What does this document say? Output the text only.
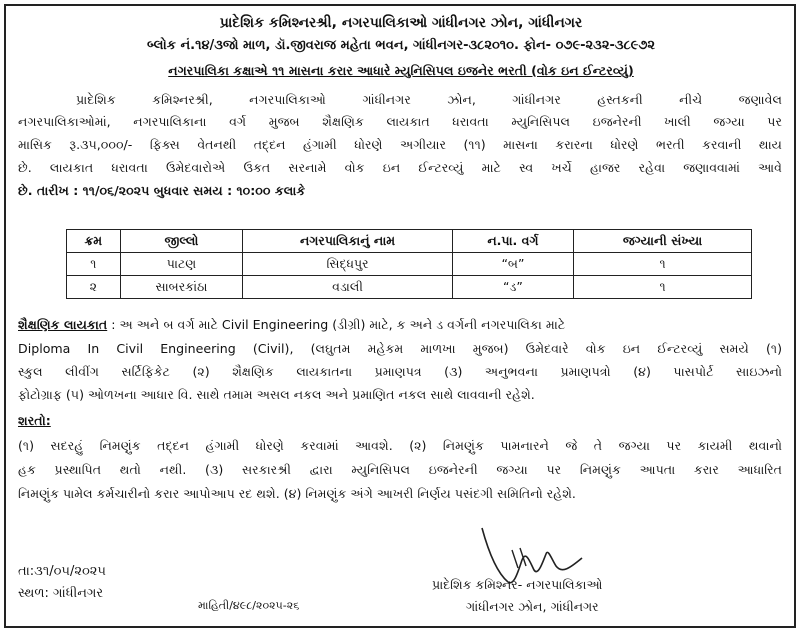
પ્રાદેશિક કમિશ્નરશ્રી, નગરપાલિકાઓ ગાંધીનગર ઝોન, ગાંધીનગર
બ્લોક નં.૧૪/૩જો માળ, ડૉ.જીવરાજ મહેતા ભવન, ગાંધીનગર-૩૮૨૦૧૦. ફોન- ૦૭૯-૨૩૨-૩૮૯૭૨
નગરપાલિકા કક્ષાએ ૧૧ માસના કરાર આધારે મ્યુનિસિપલ ઇજનેર ભરતી (વોક ઇન ઈન્ટરવ્યું)
પ્રાદેશિક કમિશ્નરશ્રી, નગરપાલિકાઓ ગાંધીનગર ઝોન, ગાંધીનગર હસ્તકની નીચે જણાવેલ
નગરપાલિકાઓમાં, નગરપાલિકાના વર્ગ મુજબ શૈક્ષણિક લાયકાત ધરાવતા મ્યુનિસિપલ ઇજનેરની ખાલી જગ્યા પર
માસિક રૂ.૩૫,૦૦૦/- ફિક્સ વેતનથી તદ્દન હંગામી ધોરણે અગીયાર (૧૧) માસના કરારના ધોરણે ભરતી કરવાની થાય
છે. લાયકાત ધરાવતા ઉમેદવારોએ ઉકત સરનામે વોક ઇન ઈન્ટરવ્યું માટે સ્વ ખર્ચે હાજર રહેવા જણાવવામાં આવે
છે. તારીખ : ૧૧/૦૬/૨૦૨૫ બુધવાર સમય : ૧૦:૦૦ કલાકે
ક્રમ	જીલ્લો	નગરપાલિકાનું નામ	ન.પા. વર્ગ	જગ્યાની સંખ્યા
૧	પાટણ	સિદ્ધપુર	“બ”	૧
૨	સાબરકાંઠા	વડાલી	“ડ”	૧
શૈક્ષણિક લાયકાત : અ અને બ વર્ગ માટે Civil Engineering (ડીગ્રી) માટે, ક અને ડ વર્ગની નગરપાલિકા માટે
Diploma In Civil Engineering (Civil), (લઘુતમ મહેકમ માળખા મુજબ) ઉમેદવારે વોક ઇન ઈન્ટરવ્યું સમયે (૧)
સ્કુલ લીવીંગ સર્ટિફિકેટ (૨) શૈક્ષણિક લાયકાતના પ્રમાણપત્ર (૩) અનુભવના પ્રમાણપત્રો (૪) પાસપોર્ટ સાઇઝનો
ફોટોગ્રાફ (૫) ઓળખના આધાર વિ. સાથે તમામ અસલ નકલ અને પ્રમાણિત નકલ સાથે લાવવાની રહેશે.
શરતો:
(૧) સદરહું નિમણુંક તદ્દન હંગામી ધોરણે કરવામાં આવશે. (૨) નિમણુંક પામનારને જે તે જગ્યા પર કાયમી થવાનો
હક પ્રસ્થાપિત થતો નથી. (૩) સરકારશ્રી દ્વારા મ્યુનિસિપલ ઇજનેરની જગ્યા પર નિમણુંક આપતા કરાર આધારિત
નિમણુંક પામેલ કર્મચારીનો કરાર આપોઆપ રદ થશે. (૪) નિમણુંક અંગે આખરી નિર્ણય પસંદગી સમિતિનો રહેશે.
તા:૩૧/૦૫/૨૦૨૫
સ્થળ: ગાંધીનગર
માહિતી/૪૯૮/૨૦૨૫-૨૬
પ્રાદેશિક કમિશ્નર- નગરપાલિકાઓ
ગાંધીનગર ઝોન, ગાંધીનગર
